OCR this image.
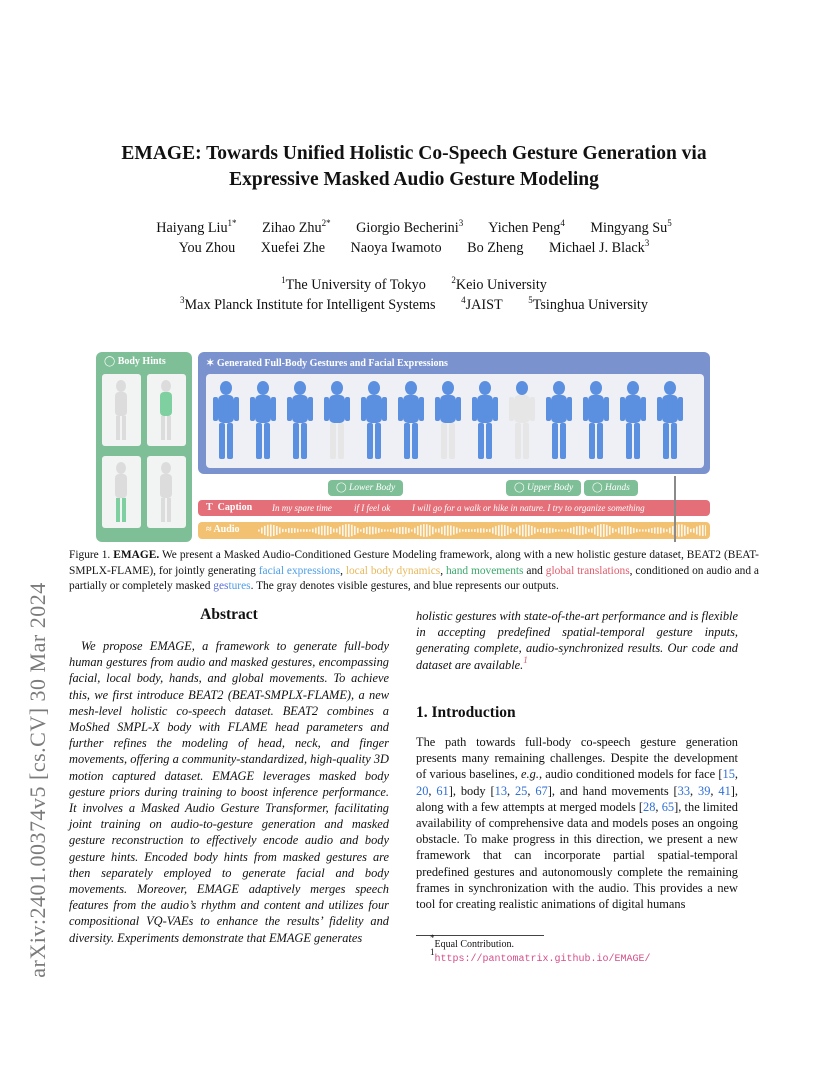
arXiv:2401.00374v5 [cs.CV] 30 Mar 2024
EMAGE: Towards Unified Holistic Co-Speech Gesture Generation via
Expressive Masked Audio Gesture Modeling
Haiyang Liu$^{1*}$ Zihao Zhu$^{2*}$ Giorgio Becherini$^3$ Yichen Peng$^4$ Mingyang Su$^5$
You Zhou Xuefei Zhe Naoya Iwamoto Bo Zheng Michael J. Black$^3$
$^1$The University of Tokyo	$^2$Keio University
$^3$Max Planck Institute for Intelligent Systems	$^4$JAIST	$^5$Tsinghua University
◯ Body Hints	✶ Generated Full-Body Gestures and Facial Expressions
◯ Lower Body	◯ Upper Body	◯ Hands
T  Caption In my spare time if I feel ok I will go for a walk or hike in nature. I try to organize something
≈ Audio
Figure 1. EMAGE. We present a Masked Audio-Conditioned Gesture Modeling framework, along with a new holistic gesture dataset, BEAT2 (BEAT-SMPLX-FLAME), for jointly generating facial expressions, local body dynamics, hand movements and global translations, conditioned on audio and a partially or completely masked gestures. The gray denotes visible gestures, and blue represents our outputs.
Abstract
We propose EMAGE, a framework to generate full-body human gestures from audio and masked gestures, encompassing facial, local body, hands, and global movements. To achieve this, we first introduce BEAT2 (BEAT-SMPLX-FLAME), a new mesh-level holistic co-speech dataset. BEAT2 combines a MoShed SMPL-X body with FLAME head parameters and further refines the modeling of head, neck, and finger movements, offering a community-standardized, high-quality 3D motion captured dataset. EMAGE leverages masked body gesture priors during training to boost inference performance. It involves a Masked Audio Gesture Transformer, facilitating joint training on audio-to-gesture generation and masked gesture reconstruction to effectively encode audio and body gesture hints. Encoded body hints from masked gestures are then separately employed to generate facial and body movements. Moreover, EMAGE adaptively merges speech features from the audio’s rhythm and content and utilizes four compositional VQ-VAEs to enhance the results’ fidelity and diversity. Experiments demonstrate that EMAGE generates
holistic gestures with state-of-the-art performance and is flexible in accepting predefined spatial-temporal gesture inputs, generating complete, audio-synchronized results. Our code and dataset are available.$^1$
1. Introduction
The path towards full-body co-speech gesture generation presents many remaining challenges. Despite the development of various baselines, e.g., audio conditioned models for face [15, 20, 61], body [13, 25, 67], and hand movements [33, 39, 41], along with a few attempts at merged models [28, 65], the limited availability of comprehensive data and models poses an ongoing obstacle. To make progress in this direction, we present a new framework that can incorporate partial spatial-temporal predefined gestures and autonomously complete the remaining frames in synchronization with the audio. This provides a new tool for creating realistic animations of digital humans
*Equal Contribution.
$^1$https://pantomatrix.github.io/EMAGE/
